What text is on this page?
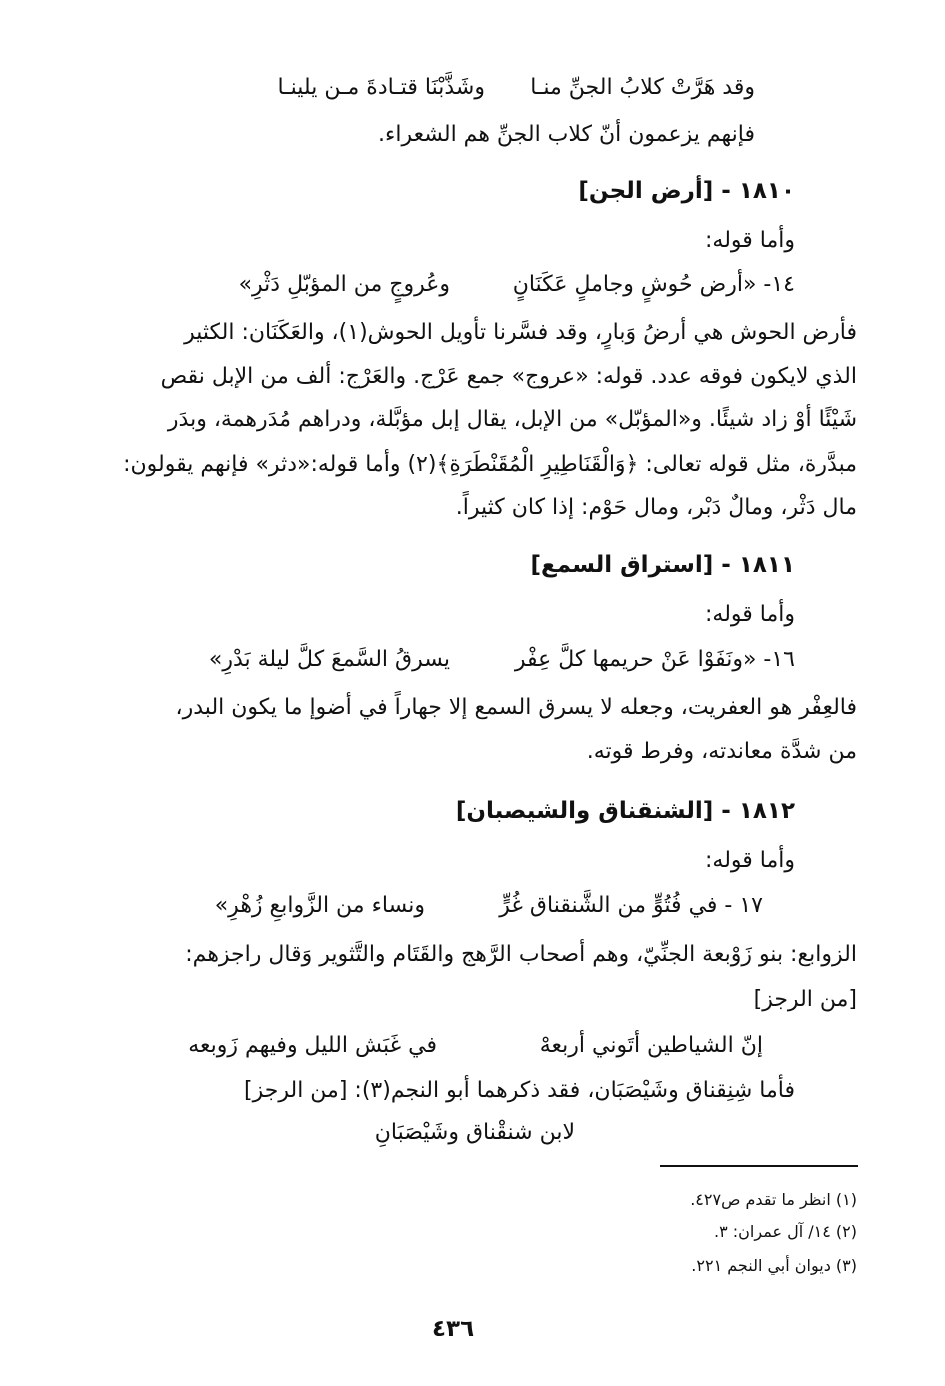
وقد هَرَّتْ كلابُ الجنِّ منـا
وشَذَّبْنَا قتـادةَ مـن يلينـا
فإنهم يزعمون أنّ كلاب الجنِّ هم الشعراء.
١٨١٠ - [أرض الجن]
وأما قوله:
١٤- «أرض حُوشٍ وجاملٍ عَكَنَانٍ
وعُروجٍ من المؤبّلِ دَثْرِ»
فأرض الحوش هي أرضُ وَبارٍ، وقد فسَّرنا تأويل الحوش(١)، والعَكَنَان: الكثير
الذي لايكون فوقه عدد. قوله: «عروج» جمع عَرْج. والعَرْج: ألف من الإبل نقص
شَيْئًا أوْ زاد شيئًا. و«المؤبّل» من الإبل، يقال إبل مؤبَّلة، ودراهم مُدَرهمة، وبدَر
مبدَّرة، مثل قوله تعالى: ﴿وَالْقَنَاطِيرِ الْمُقَنْطَرَةِ﴾(٢) وأما قوله:«دثر» فإنهم يقولون:
مال دَثْر، ومالٌ دَبْر، ومال حَوْم: إذا كان كثيراً.
١٨١١ - [استراق السمع]
وأما قوله:
١٦- «ونَفَوْا عَنْ حريمها كلَّ عِفْر
يسرقُ السَّمعَ كلَّ ليلة بَدْرِ»
فالعِفْر هو العفريت، وجعله لا يسرق السمع إلا جهاراً في أضوإ ما يكون البدر،
من شدَّة معاندته، وفرط قوته.
١٨١٢ - [الشنقناق والشيصبان]
وأما قوله:
١٧ - في فُتُوٍّ من الشَّنقناق غُرٍّ
ونساء من الزَّوابعِ زُهْرِ»
الزوابع: بنو زَوْبعة الجنِّيّ، وهم أصحاب الرَّهج والقَتَام والتَّثوير وَقال راجزهم:
[من الرجز]
إنّ الشياطين أتَوني أربعهْ
في غَبَش الليل وفيهم زَوبعه
فأما شِنِقناق وشَيْصَبَان، فقد ذكرهما أبو النجم(٣): [من الرجز]
لابن شنقْناق وشَيْصَبَانِ
(١) انظر ما تقدم ص٤٢٧.
(٢) ١٤/ آل عمران: ٣.
(٣) ديوان أبي النجم ٢٢١.
٤٣٦
